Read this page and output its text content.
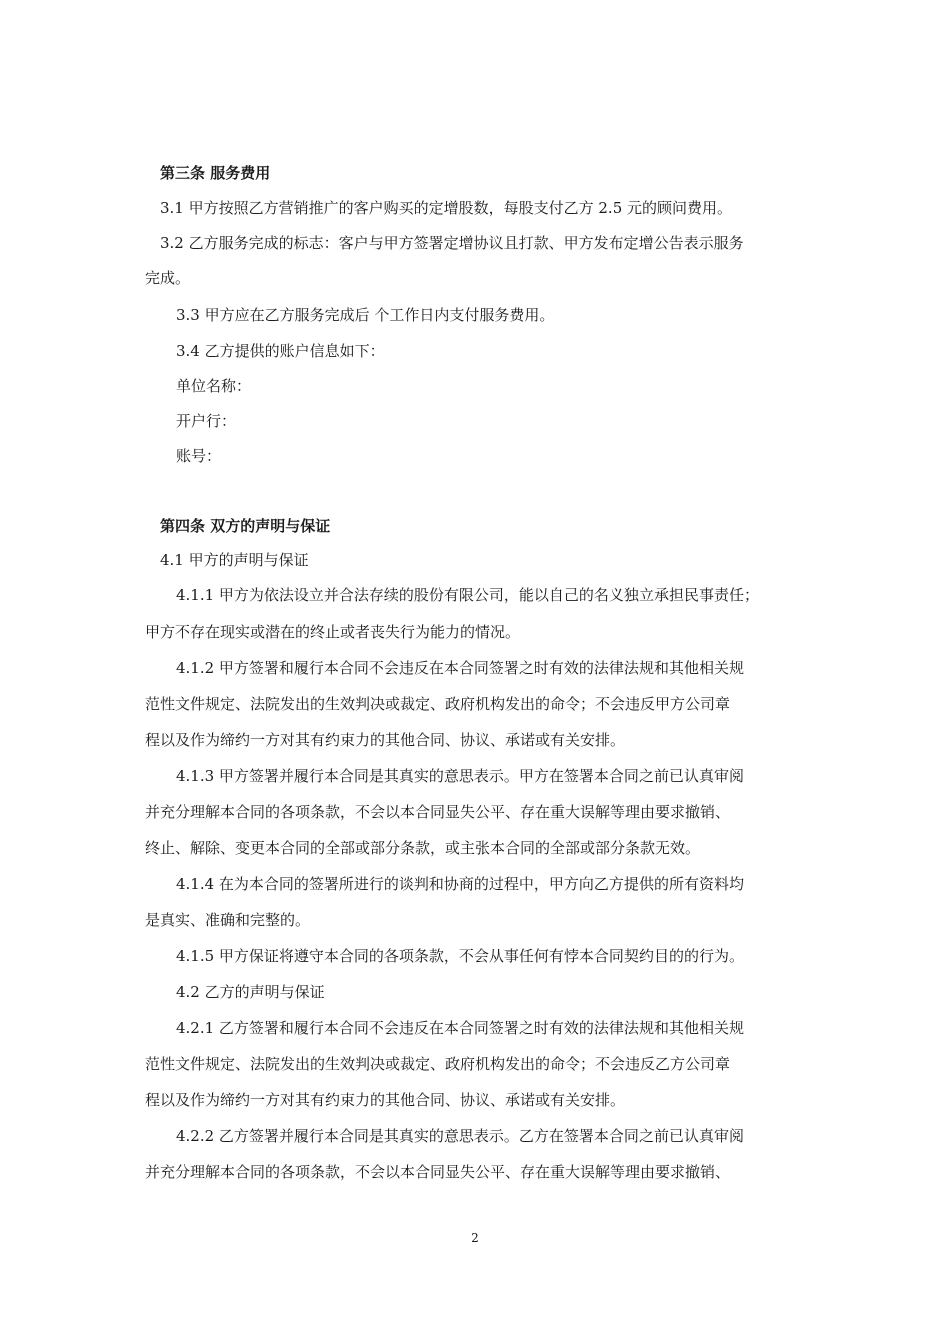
第三条 服务费用
3.1 甲方按照乙方营销推广的客户购买的定增股数，每股支付乙方 2.5 元的顾问费用。
3.2 乙方服务完成的标志：客户与甲方签署定增协议且打款、甲方发布定增公告表示服务
完成。
3.3 甲方应在乙方服务完成后 个工作日内支付服务费用。
3.4 乙方提供的账户信息如下：
单位名称：
开户行：
账号：
第四条 双方的声明与保证
4.1 甲方的声明与保证
4.1.1 甲方为依法设立并合法存续的股份有限公司，能以自己的名义独立承担民事责任；
甲方不存在现实或潜在的终止或者丧失行为能力的情况。
4.1.2 甲方签署和履行本合同不会违反在本合同签署之时有效的法律法规和其他相关规
范性文件规定、法院发出的生效判决或裁定、政府机构发出的命令；不会违反甲方公司章
程以及作为缔约一方对其有约束力的其他合同、协议、承诺或有关安排。
4.1.3 甲方签署并履行本合同是其真实的意思表示。甲方在签署本合同之前已认真审阅
并充分理解本合同的各项条款，不会以本合同显失公平、存在重大误解等理由要求撤销、
终止、解除、变更本合同的全部或部分条款，或主张本合同的全部或部分条款无效。
4.1.4 在为本合同的签署所进行的谈判和协商的过程中，甲方向乙方提供的所有资料均
是真实、准确和完整的。
4.1.5 甲方保证将遵守本合同的各项条款，不会从事任何有悖本合同契约目的的行为。
4.2 乙方的声明与保证
4.2.1 乙方签署和履行本合同不会违反在本合同签署之时有效的法律法规和其他相关规
范性文件规定、法院发出的生效判决或裁定、政府机构发出的命令；不会违反乙方公司章
程以及作为缔约一方对其有约束力的其他合同、协议、承诺或有关安排。
4.2.2 乙方签署并履行本合同是其真实的意思表示。乙方在签署本合同之前已认真审阅
并充分理解本合同的各项条款，不会以本合同显失公平、存在重大误解等理由要求撤销、
2
